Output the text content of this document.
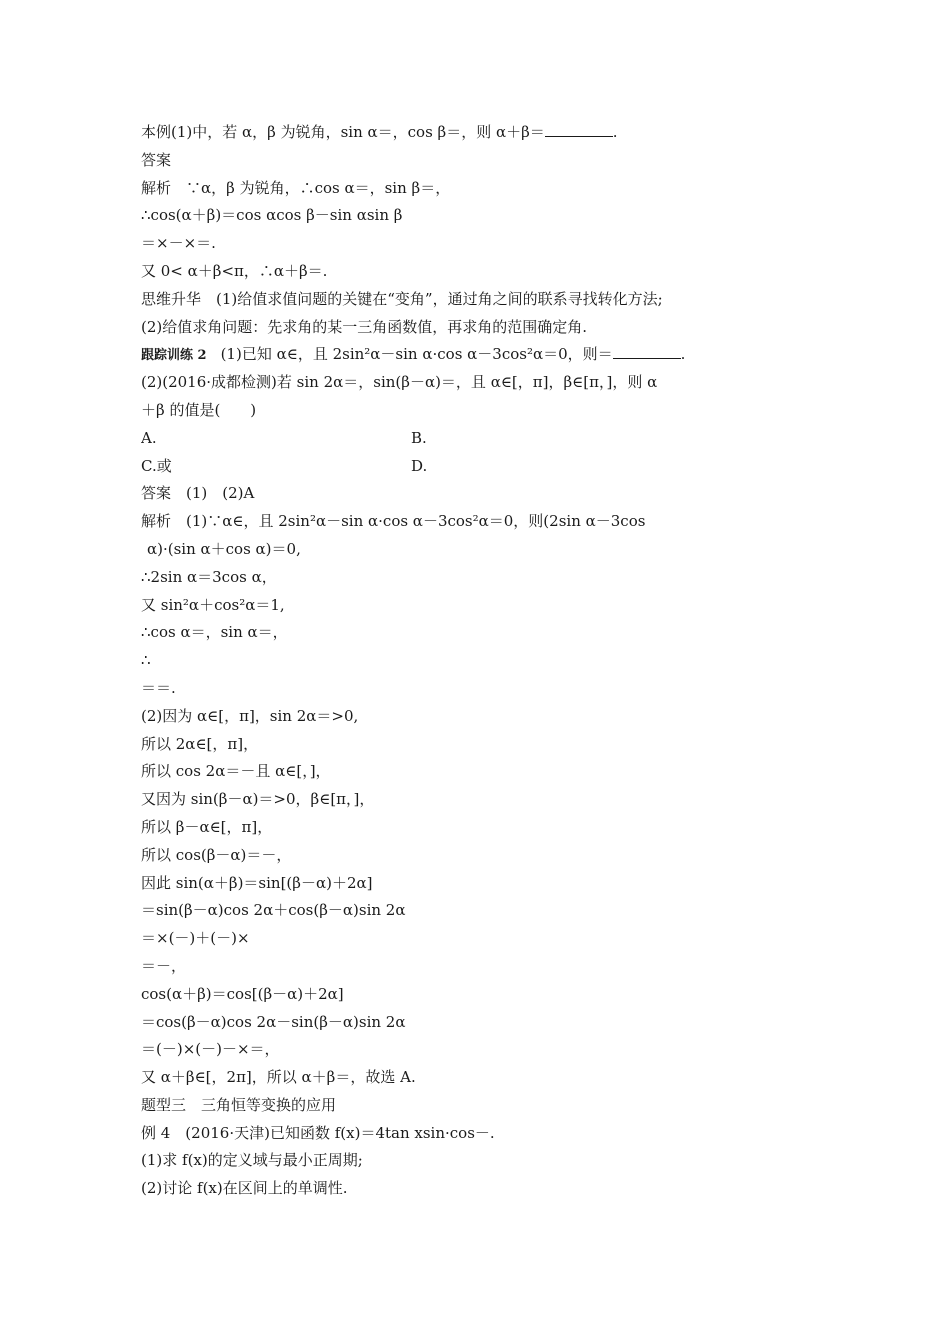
本例(1)中，若 α，β 为锐角，sin α＝，cos β＝，则 α＋β＝	.
答案
解析　∵α，β 为锐角，∴cos α＝，sin β＝，
∴cos(α＋β)＝cos αcos β－sin αsin β
＝×－×＝.
又 0< α＋β<π，∴α＋β＝.
思维升华　(1)给值求值问题的关键在“变角”，通过角之间的联系寻找转化方法;
(2)给值求角问题：先求角的某一三角函数值，再求角的范围确定角.
跟踪训练 2 (1)已知 α∈，且 2sin²α－sin α·cos α－3cos²α＝0，则＝	.
(2)(2016·成都检测)若 sin 2α＝，sin(β－α)＝，且 α∈[，π]，β∈[π，]，则 α
＋β 的值是(　　)
A.	B.
C.或	D.
答案　(1)　(2)A
解析　(1)∵α∈，且 2sin²α－sin α·cos α－3cos²α＝0，则(2sin α－3cos
α)·(sin α＋cos α)＝0,
∴2sin α＝3cos α，
又 sin²α＋cos²α＝1,
∴cos α＝，sin α＝，
∴
＝＝.
(2)因为 α∈[，π]，sin 2α＝>0,
所以 2α∈[，π]，
所以 cos 2α＝－且 α∈[，]，
又因为 sin(β－α)＝>0，β∈[π，]，
所以 β－α∈[，π]，
所以 cos(β－α)＝－，
因此 sin(α＋β)＝sin[(β－α)＋2α]
＝sin(β－α)cos 2α＋cos(β－α)sin 2α
＝×(－)＋(－)×
＝－，
cos(α＋β)＝cos[(β－α)＋2α]
＝cos(β－α)cos 2α－sin(β－α)sin 2α
＝(－)×(－)－×＝，
又 α＋β∈[，2π]，所以 α＋β＝，故选 A.
题型三　三角恒等变换的应用
例 4　(2016·天津)已知函数 f(x)＝4tan xsin·cos－.
(1)求 f(x)的定义域与最小正周期;
(2)讨论 f(x)在区间上的单调性.
